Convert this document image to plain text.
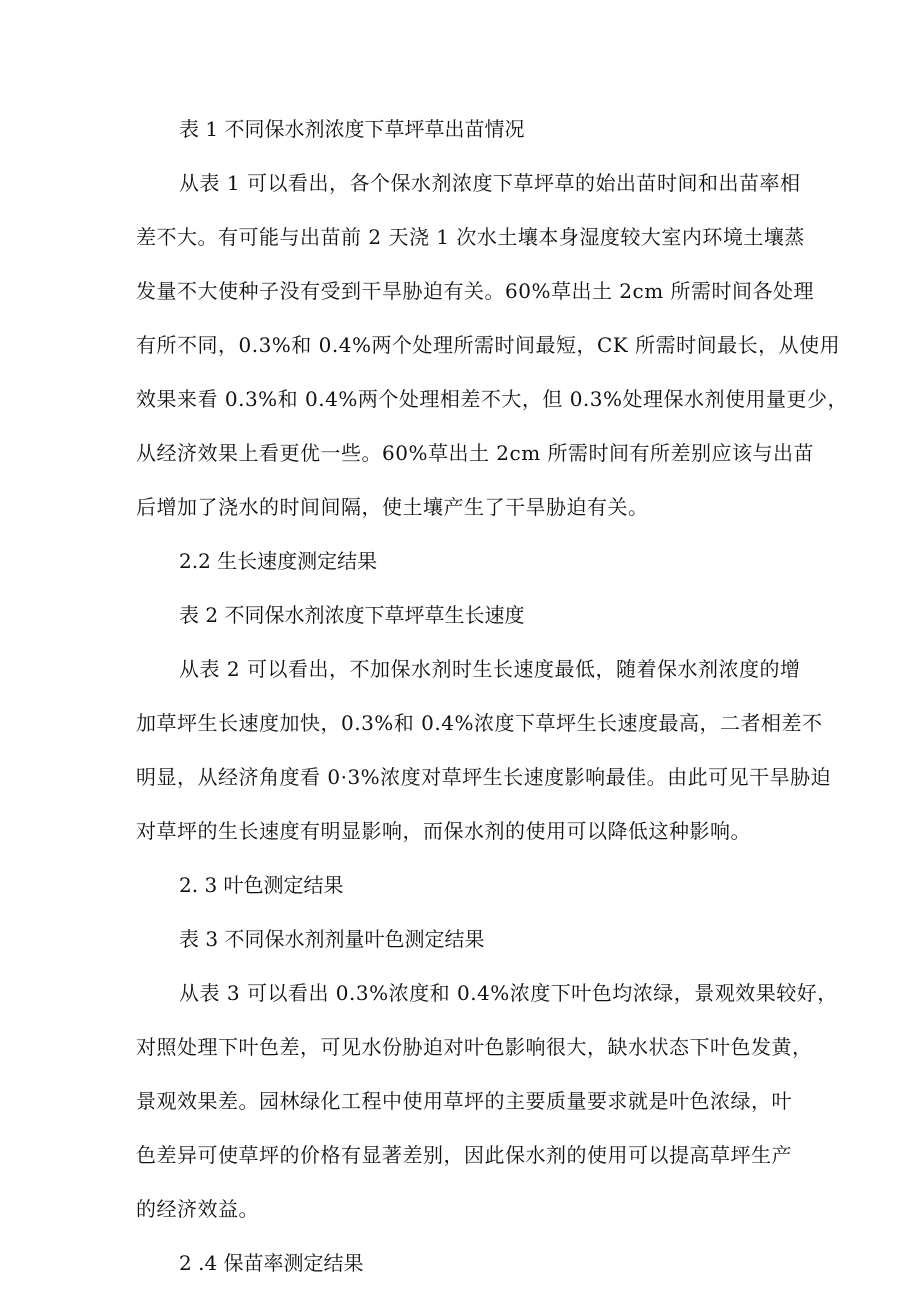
表 1 不同保水剂浓度下草坪草出苗情况
从表 1 可以看出，各个保水剂浓度下草坪草的始出苗时间和出苗率相
差不大。有可能与出苗前 2 天浇 1 次水土壤本身湿度较大室内环境土壤蒸
发量不大使种子没有受到干旱胁迫有关。60%草出土 2cm 所需时间各处理
有所不同，0.3%和 0.4%两个处理所需时间最短，CK 所需时间最长，从使用
效果来看 0.3%和 0.4%两个处理相差不大，但 0.3%处理保水剂使用量更少，
从经济效果上看更优一些。60%草出土 2cm 所需时间有所差别应该与出苗
后增加了浇水的时间间隔，使土壤产生了干旱胁迫有关。
2.2 生长速度测定结果
表 2 不同保水剂浓度下草坪草生长速度
从表 2 可以看出，不加保水剂时生长速度最低，随着保水剂浓度的增
加草坪生长速度加快，0.3%和 0.4%浓度下草坪生长速度最高，二者相差不
明显，从经济角度看 0·3%浓度对草坪生长速度影响最佳。由此可见干旱胁迫
对草坪的生长速度有明显影响，而保水剂的使用可以降低这种影响。
2. 3 叶色测定结果
表 3 不同保水剂剂量叶色测定结果
从表 3 可以看出 0.3%浓度和 0.4%浓度下叶色均浓绿，景观效果较好，
对照处理下叶色差，可见水份胁迫对叶色影响很大，缺水状态下叶色发黄，
景观效果差。园林绿化工程中使用草坪的主要质量要求就是叶色浓绿，叶
色差异可使草坪的价格有显著差别，因此保水剂的使用可以提高草坪生产
的经济效益。
2 .4 保苗率测定结果
